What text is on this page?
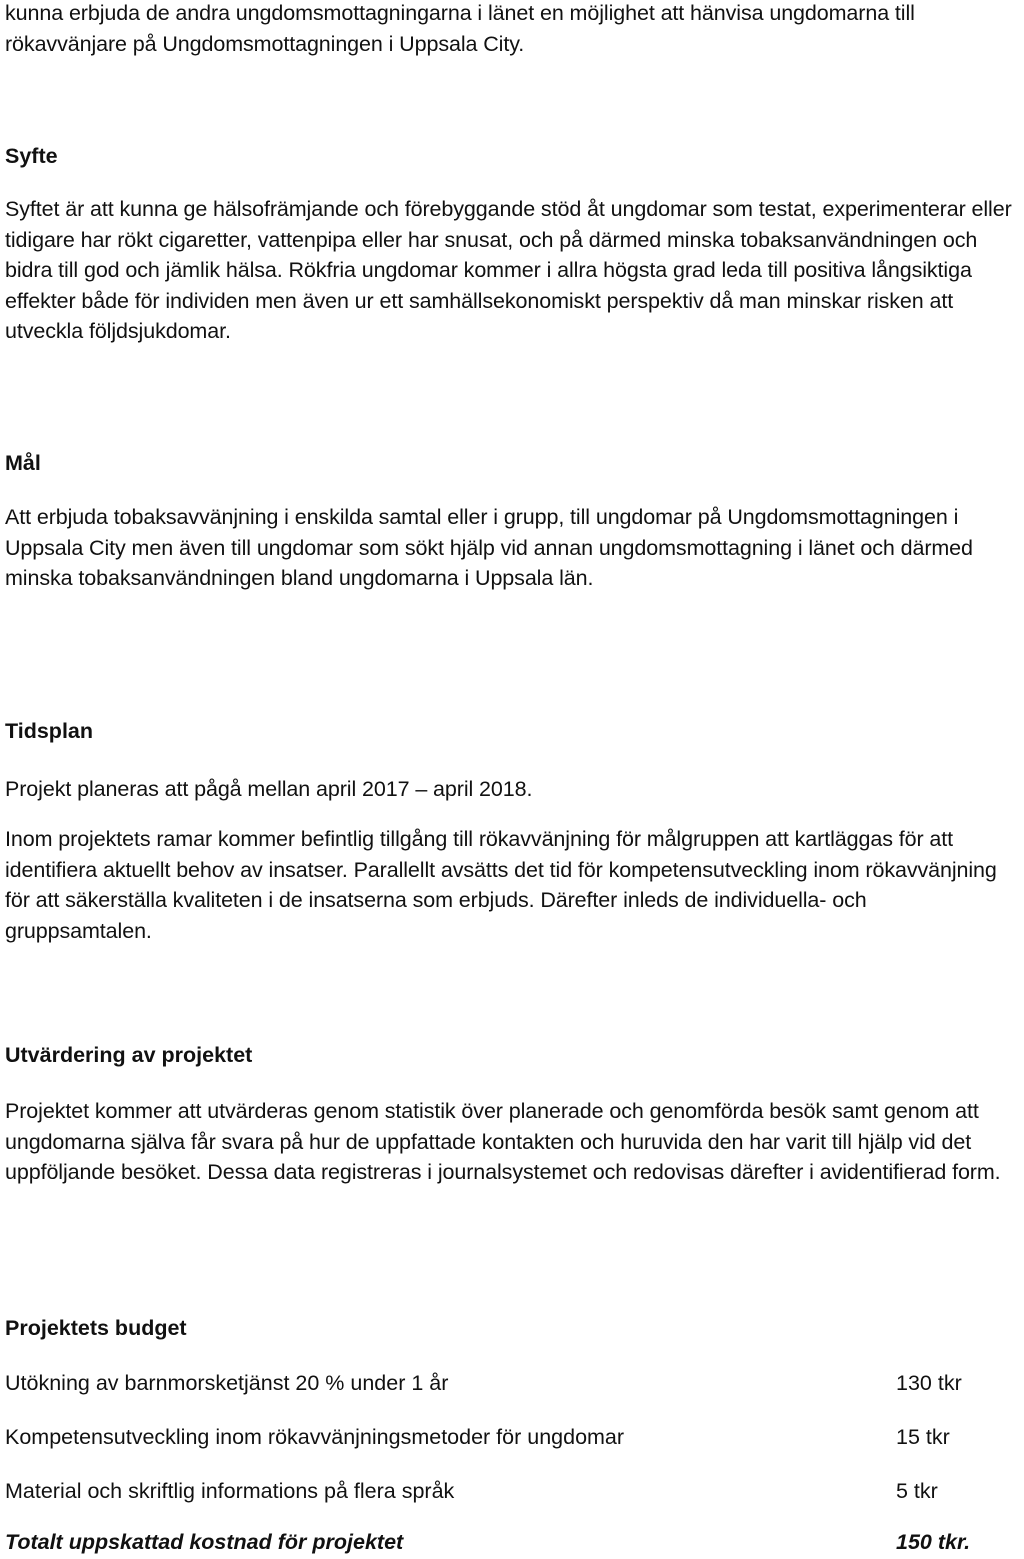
kunna erbjuda de andra ungdomsmottagningarna i länet en möjlighet att hänvisa ungdomarna till rökavvänjare på Ungdomsmottagningen i Uppsala City.

Syfte

Syftet är att kunna ge hälsofrämjande och förebyggande stöd åt ungdomar som testat, experimenterar eller tidigare har rökt cigaretter, vattenpipa eller har snusat, och på därmed minska tobaksanvändningen och bidra till god och jämlik hälsa. Rökfria ungdomar kommer i allra högsta grad leda till positiva långsiktiga effekter både för individen men även ur ett samhällsekonomiskt perspektiv då man minskar risken att utveckla följdsjukdomar.

Mål

Att erbjuda tobaksavvänjning i enskilda samtal eller i grupp, till ungdomar på Ungdomsmottagningen i Uppsala City men även till ungdomar som sökt hjälp vid annan ungdomsmottagning i länet och därmed minska tobaksanvändningen bland ungdomarna i Uppsala län.

Tidsplan

Projekt planeras att pågå mellan april 2017 – april 2018.

Inom projektets ramar kommer befintlig tillgång till rökavvänjning för målgruppen att kartläggas för att identifiera aktuellt behov av insatser. Parallellt avsätts det tid för kompetensutveckling inom rökavvänjning för att säkerställa kvaliteten i de insatserna som erbjuds. Därefter inleds de individuella- och gruppsamtalen.

Utvärdering av projektet

Projektet kommer att utvärderas genom statistik över planerade och genomförda besök samt genom att ungdomarna själva får svara på hur de uppfattade kontakten och huruvida den har varit till hjälp vid det uppföljande besöket. Dessa data registreras i journalsystemet och redovisas därefter i avidentifierad form.

Projektets budget

Utökning av barnmorsketjänst 20 % under 1 år	130 tkr
Kompetensutveckling inom rökavvänjningsmetoder för ungdomar	15 tkr
Material och skriftlig informations på flera språk	5 tkr
Totalt uppskattad kostnad för projektet	150 tkr.
